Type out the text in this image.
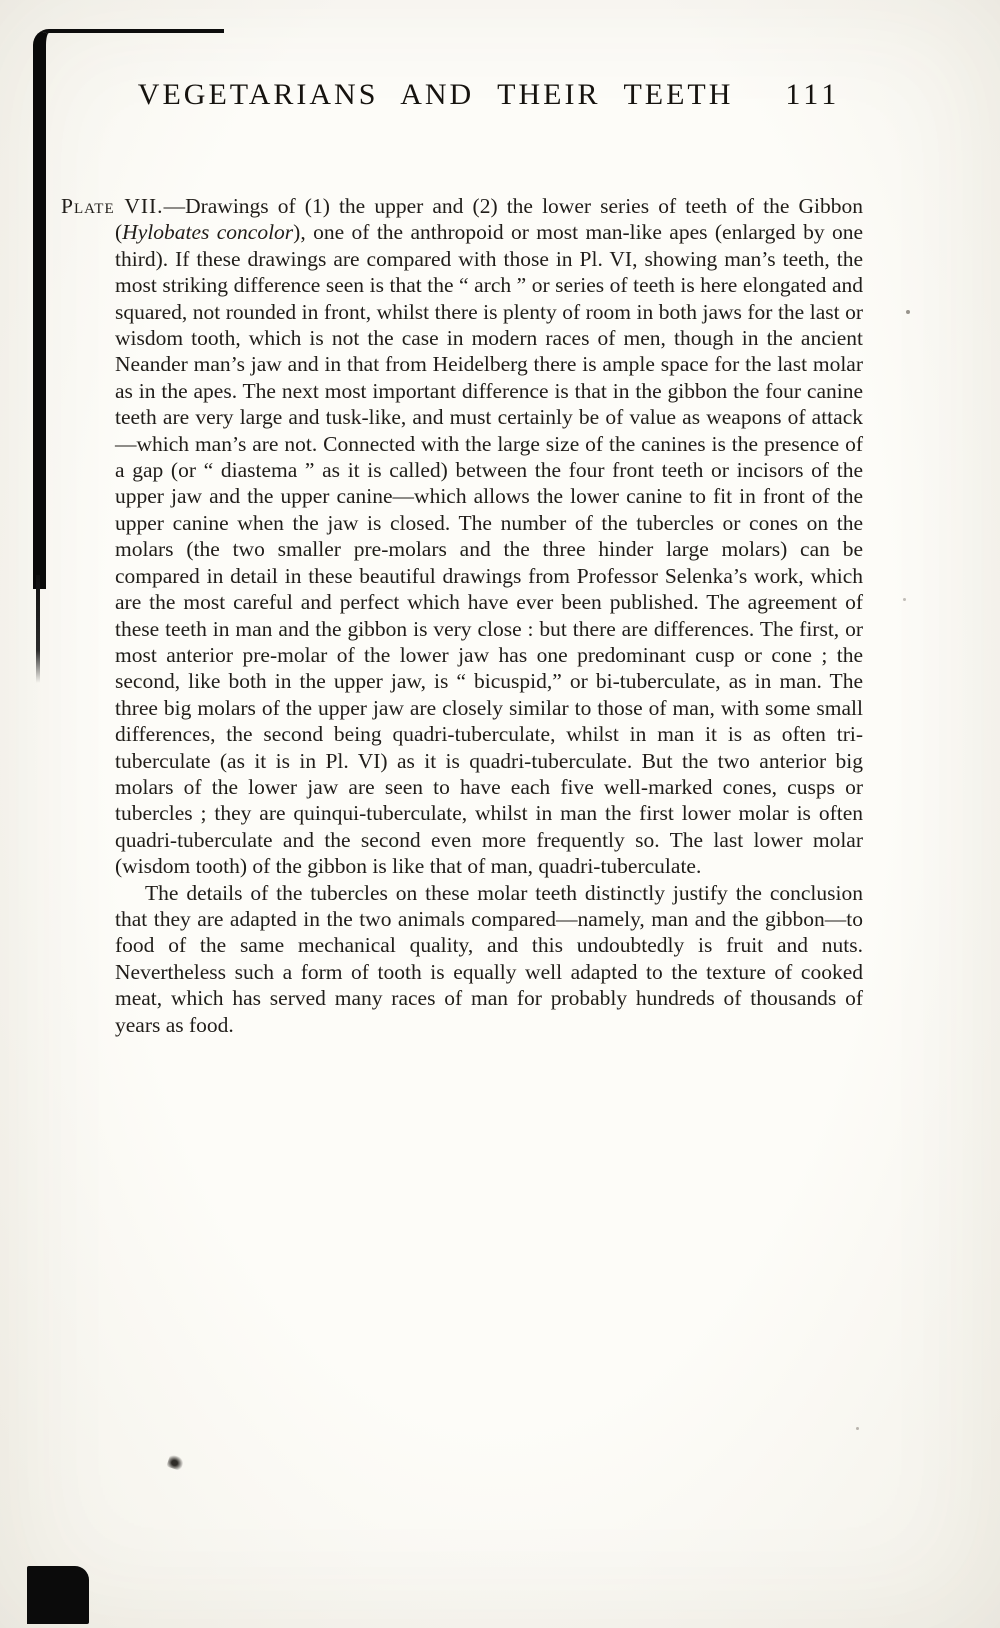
VEGETARIANS AND THEIR TEETH 111

Plate VII.—Drawings of (1) the upper and (2) the lower series of teeth of the Gibbon (Hylobates concolor), one of the anthropoid or most man-like apes (enlarged by one third). If these drawings are compared with those in Pl. VI, showing man’s teeth, the most striking difference seen is that the “ arch ” or series of teeth is here elongated and squared, not rounded in front, whilst there is plenty of room in both jaws for the last or wisdom tooth, which is not the case in modern races of men, though in the ancient Neander man’s jaw and in that from Heidelberg there is ample space for the last molar as in the apes. The next most important difference is that in the gibbon the four canine teeth are very large and tusk-like, and must certainly be of value as weapons of attack—which man’s are not. Connected with the large size of the canines is the presence of a gap (or “ diastema ” as it is called) between the four front teeth or incisors of the upper jaw and the upper canine—which allows the lower canine to fit in front of the upper canine when the jaw is closed. The number of the tubercles or cones on the molars (the two smaller pre-molars and the three hinder large molars) can be compared in detail in these beautiful drawings from Professor Selenka’s work, which are the most careful and perfect which have ever been published. The agreement of these teeth in man and the gibbon is very close : but there are differences. The first, or most anterior pre-molar of the lower jaw has one predominant cusp or cone ; the second, like both in the upper jaw, is “ bicuspid,” or bi-tuberculate, as in man. The three big molars of the upper jaw are closely similar to those of man, with some small differences, the second being quadri-tuberculate, whilst in man it is as often tri-tuberculate (as it is in Pl. VI) as it is quadri-tuberculate. But the two anterior big molars of the lower jaw are seen to have each five well-marked cones, cusps or tubercles ; they are quinqui-tuberculate, whilst in man the first lower molar is often quadri-tuberculate and the second even more frequently so. The last lower molar (wisdom tooth) of the gibbon is like that of man, quadri-tuberculate.

The details of the tubercles on these molar teeth distinctly justify the conclusion that they are adapted in the two animals compared—namely, man and the gibbon—to food of the same mechanical quality, and this undoubtedly is fruit and nuts. Nevertheless such a form of tooth is equally well adapted to the texture of cooked meat, which has served many races of man for probably hundreds of thousands of years as food.
